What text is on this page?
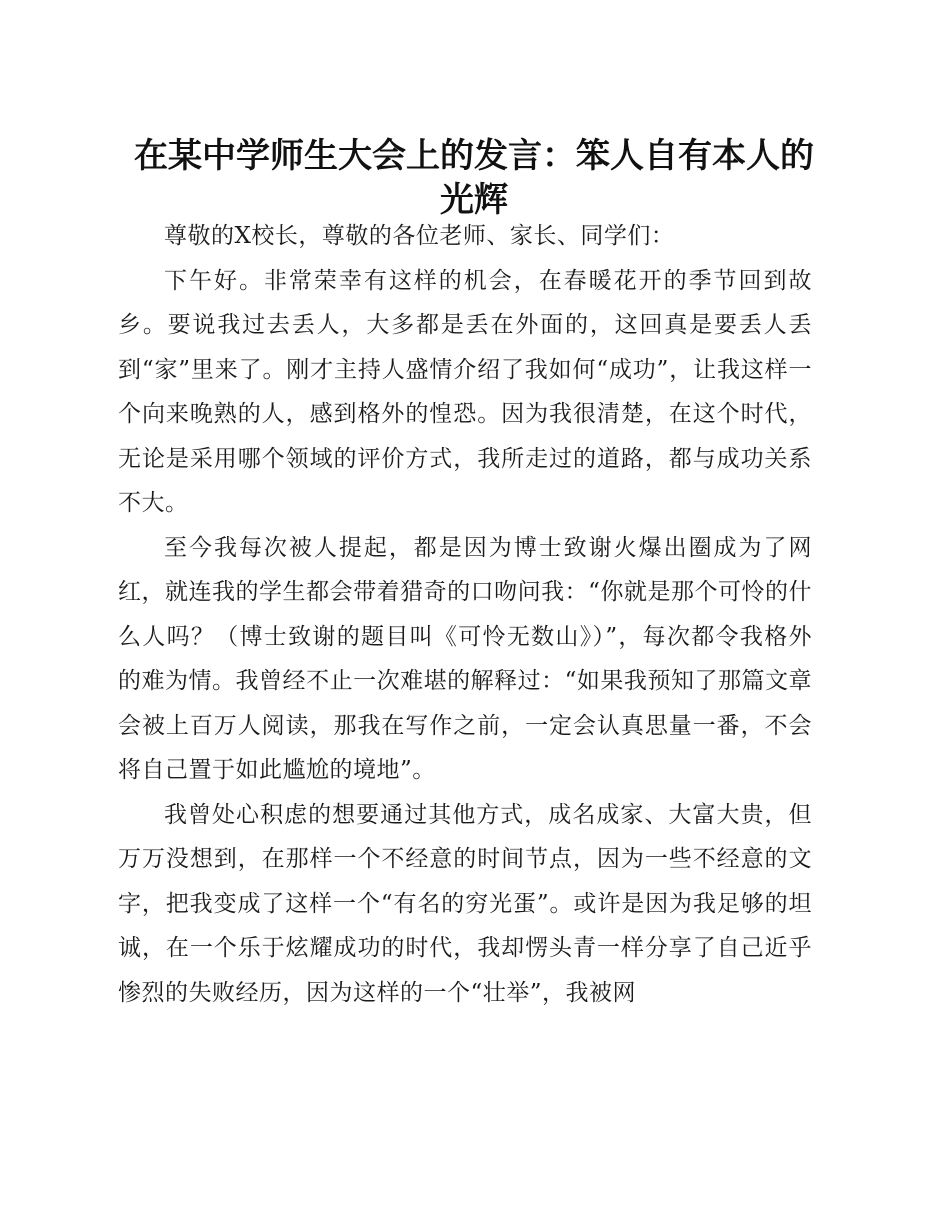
在某中学师生大会上的发言：笨人自有本人的光辉

尊敬的X校长，尊敬的各位老师、家长、同学们：

下午好。非常荣幸有这样的机会，在春暖花开的季节回到故乡。要说我过去丢人，大多都是丢在外面的，这回真是要丢人丢到“家”里来了。刚才主持人盛情介绍了我如何“成功”，让我这样一个向来晚熟的人，感到格外的惶恐。因为我很清楚，在这个时代，无论是采用哪个领域的评价方式，我所走过的道路，都与成功关系不大。

至今我每次被人提起，都是因为博士致谢火爆出圈成为了网红，就连我的学生都会带着猎奇的口吻问我：“你就是那个可怜的什么人吗？（博士致谢的题目叫《可怜无数山》）”，每次都令我格外的难为情。我曾经不止一次难堪的解释过：“如果我预知了那篇文章会被上百万人阅读，那我在写作之前，一定会认真思量一番，不会将自己置于如此尴尬的境地”。

我曾处心积虑的想要通过其他方式，成名成家、大富大贵，但万万没想到，在那样一个不经意的时间节点，因为一些不经意的文字，把我变成了这样一个“有名的穷光蛋”。或许是因为我足够的坦诚，在一个乐于炫耀成功的时代，我却愣头青一样分享了自己近乎惨烈的失败经历，因为这样的一个“壮举”，我被网
